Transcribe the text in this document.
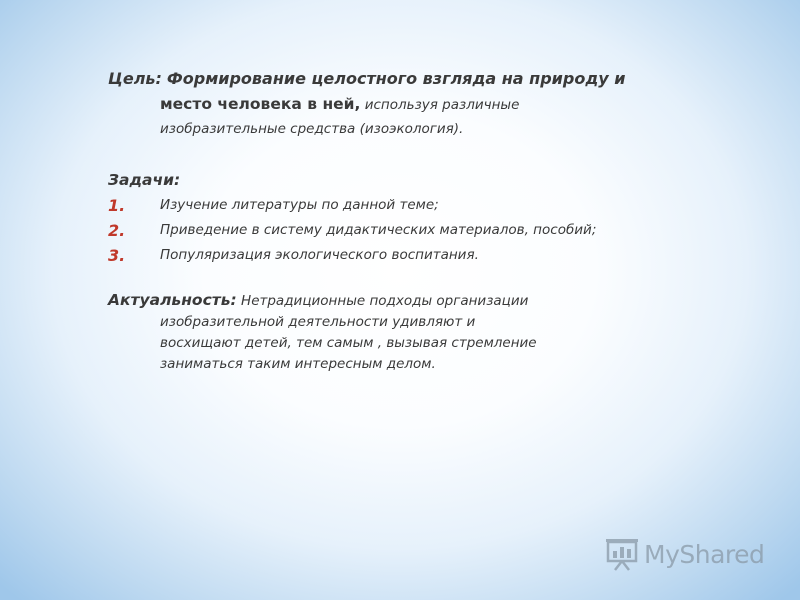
Цель: Формирование целостного взгляда на природу и
место человека в ней, используя различные
изобразительные средства (изоэкология).

Задачи:
1.	Изучение литературы по данной теме;
2.	Приведение в систему дидактических материалов, пособий;
3.	Популяризация экологического воспитания.
Актуальность: Нетрадиционные подходы организации
изобразительной деятельности удивляют и
восхищают детей, тем самым , вызывая стремление
заниматься таким интересным делом.
MyShared
